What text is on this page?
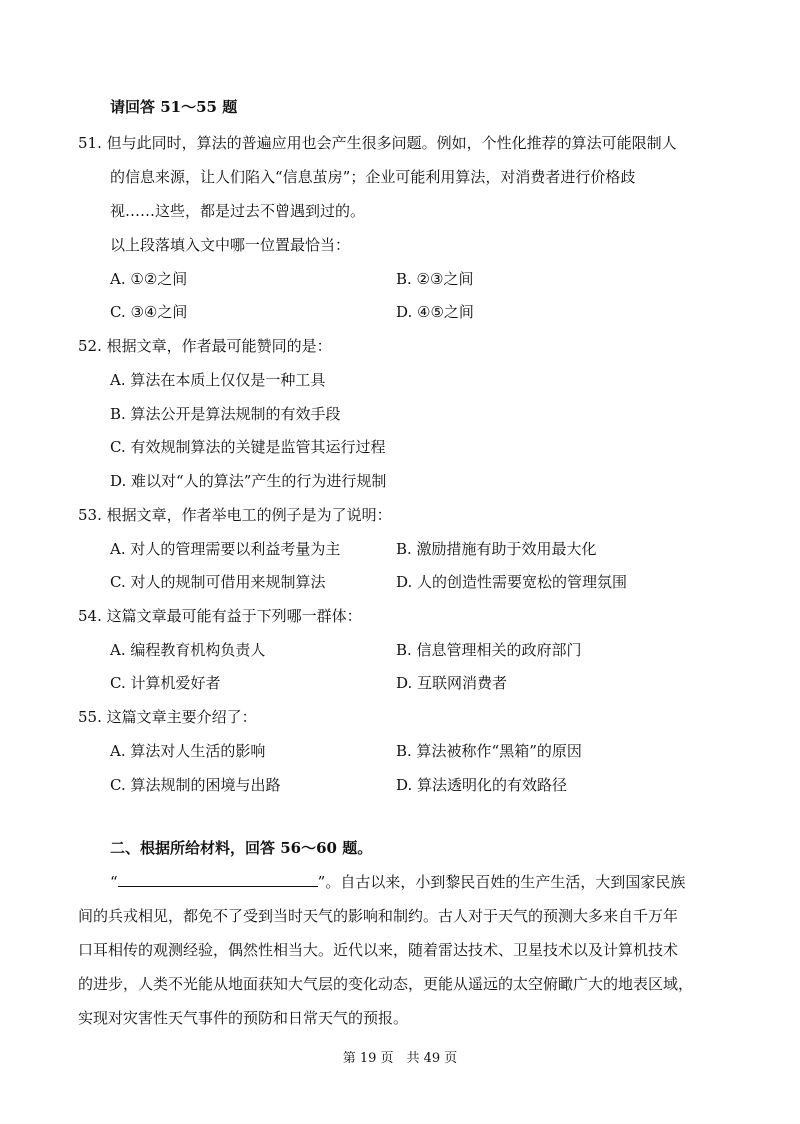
请回答 51～55 题
51. 但与此同时，算法的普遍应用也会产生很多问题。例如，个性化推荐的算法可能限制人
的信息来源，让人们陷入“信息茧房”；企业可能利用算法，对消费者进行价格歧
视……这些，都是过去不曾遇到过的。
以上段落填入文中哪一位置最恰当：
A. ①②之间	B. ②③之间
C. ③④之间	D. ④⑤之间
52. 根据文章，作者最可能赞同的是：
A. 算法在本质上仅仅是一种工具
B. 算法公开是算法规制的有效手段
C. 有效规制算法的关键是监管其运行过程
D. 难以对“人的算法”产生的行为进行规制
53. 根据文章，作者举电工的例子是为了说明：
A. 对人的管理需要以利益考量为主	B. 激励措施有助于效用最大化
C. 对人的规制可借用来规制算法	D. 人的创造性需要宽松的管理氛围
54. 这篇文章最可能有益于下列哪一群体：
A. 编程教育机构负责人	B. 信息管理相关的政府部门
C. 计算机爱好者	D. 互联网消费者
55. 这篇文章主要介绍了：
A. 算法对人生活的影响	B. 算法被称作“黑箱”的原因
C. 算法规制的困境与出路	D. 算法透明化的有效路径
二、根据所给材料，回答 56～60 题。
“	”。自古以来，小到黎民百姓的生产生活，大到国家民族
间的兵戎相见，都免不了受到当时天气的影响和制约。古人对于天气的预测大多来自千万年
口耳相传的观测经验，偶然性相当大。近代以来，随着雷达技术、卫星技术以及计算机技术
的进步，人类不光能从地面获知大气层的变化动态，更能从遥远的太空俯瞰广大的地表区域，
实现对灾害性天气事件的预防和日常天气的预报。
第 19 页　共 49 页
